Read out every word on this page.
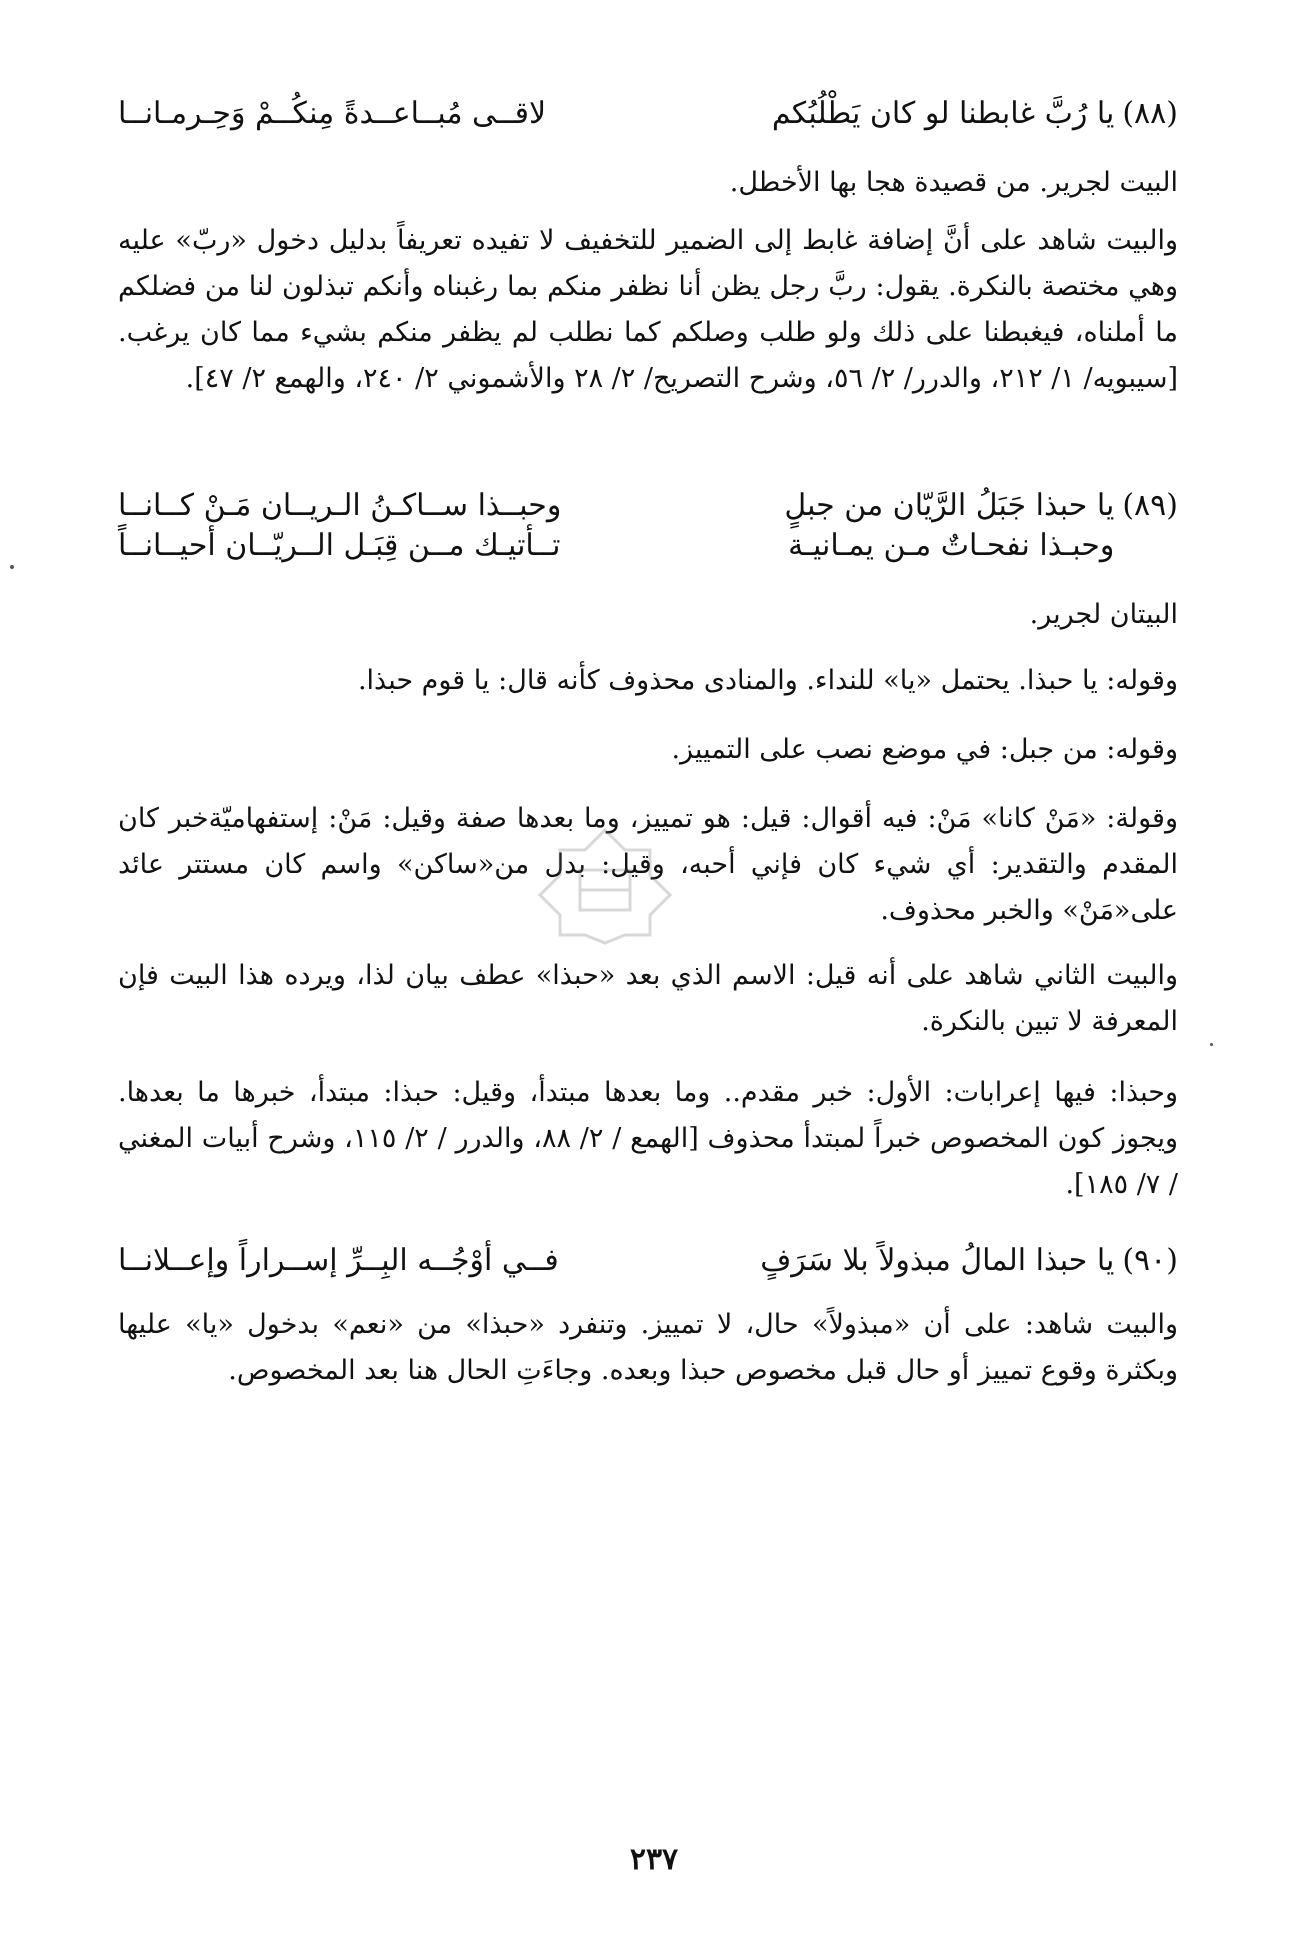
(٨٨)
يا رُبَّ غابطنا لو كان يَطْلُبُكم
لاقــى مُبــاعــدةً مِنكُــمْ وَحِـرمـانــا

البيت لجرير. من قصيدة هجا بها الأخطل.

والبيت شاهد على أنَّ إضافة غابط إلى الضمير للتخفيف لا تفيده تعريفاً بدليل دخول «ربّ» عليه وهي مختصة بالنكرة. يقول: ربَّ رجل يظن أنا نظفر منكم بما رغبناه وأنكم تبذلون لنا من فضلكم ما أملناه، فيغبطنا على ذلك ولو طلب وصلكم كما نطلب لم يظفر منكم بشيء مما كان يرغب. [سيبويه/ ١/ ٢١٢، والدرر/ ٢/ ٥٦، وشرح التصريح/ ٢/ ٢٨ والأشموني ٢/ ٢٤٠، والهمع ٢/ ٤٧].

(٨٩)
يا حبذا جَبَلُ الرَّيّان من جبلٍ
وحبــذا ســاكـنُ الـريــان مَـنْ كــانــا
وحبـذا نفحـاتٌ مـن يمـانيـة
تــأتيـك مــن قِبَـل الــريّــان أحيــانــاً

البيتان لجرير.

وقوله: يا حبذا. يحتمل «يا» للنداء. والمنادى محذوف كأنه قال: يا قوم حبذا.

وقوله: من جبل: في موضع نصب على التمييز.

وقولة: «مَنْ كانا» مَنْ: فيه أقوال: قيل: هو تمييز، وما بعدها صفة وقيل: مَنْ: إستفهاميّةخبر كان المقدم والتقدير: أي شيء كان فإني أحبه، وقيل: بدل من«ساكن» واسم كان مستتر عائد على«مَنْ» والخبر محذوف.

والبيت الثاني شاهد على أنه قيل: الاسم الذي بعد «حبذا» عطف بيان لذا، ويرده هذا البيت فإن المعرفة لا تبين بالنكرة.

وحبذا: فيها إعرابات: الأول: خبر مقدم.. وما بعدها مبتدأ، وقيل: حبذا: مبتدأ، خبرها ما بعدها. ويجوز كون المخصوص خبراً لمبتدأ محذوف [الهمع / ٢/ ٨٨، والدرر / ٢/ ١١٥، وشرح أبيات المغني / ٧/ ١٨٥].

(٩٠)
يا حبذا المالُ مبذولاً بلا سَرَفٍ
فــي أوْجُــه البِــرِّ إســراراً وإعــلانــا

والبيت شاهد: على أن «مبذولاً» حال، لا تمييز. وتنفرد «حبذا» من «نعم» بدخول «يا» عليها وبكثرة وقوع تمييز أو حال قبل مخصوص حبذا وبعده. وجاءَتِ الحال هنا بعد المخصوص.

٢٣٧
